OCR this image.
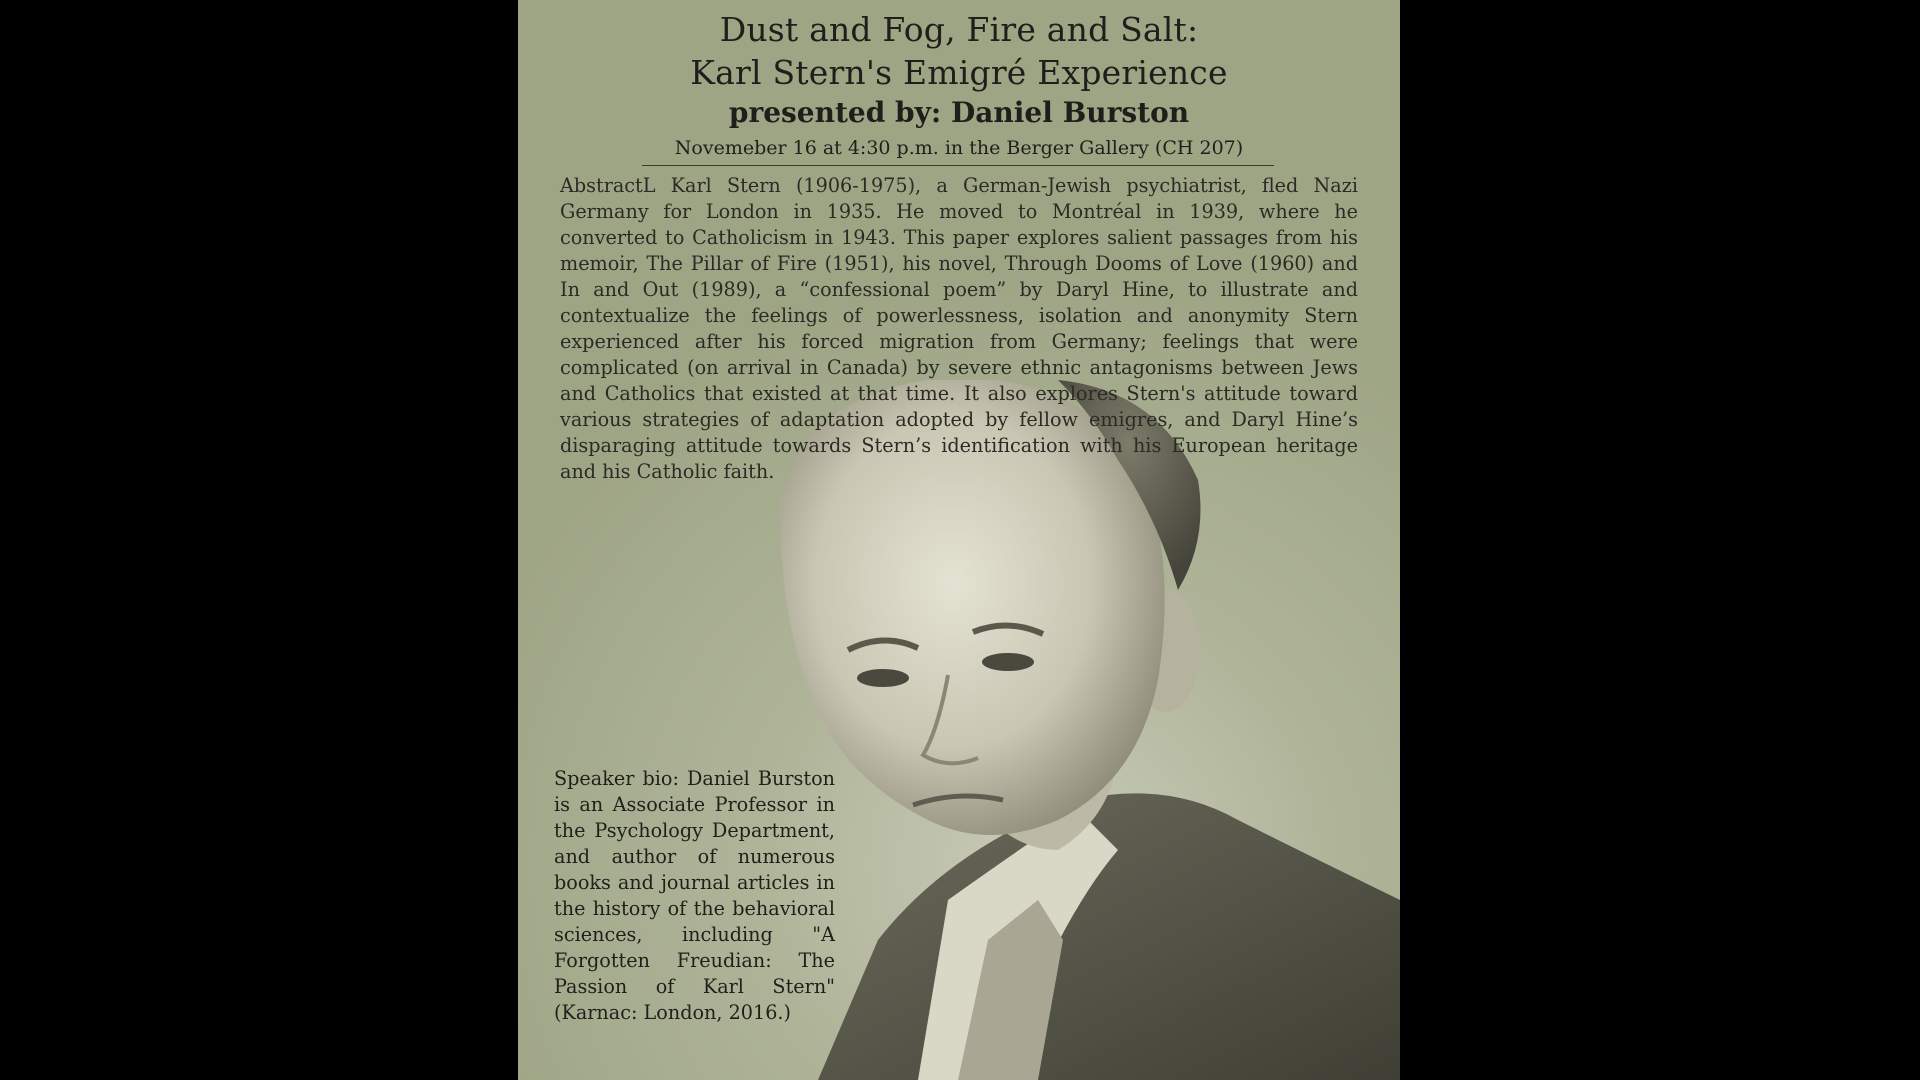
Dust and Fog, Fire and Salt:
Karl Stern's Emigré Experience
presented by: Daniel Burston
Novemeber 16 at 4:30 p.m. in the Berger Gallery (CH 207)
AbstractL Karl Stern (1906-1975), a German-Jewish psychiatrist, fled Nazi Germany for London in 1935. He moved to Montréal in 1939, where he converted to Catholicism in 1943. This paper explores salient passages from his memoir, The Pillar of Fire (1951), his novel, Through Dooms of Love (1960) and In and Out (1989), a “confessional poem” by Daryl Hine, to illustrate and contextualize the feelings of powerlessness, isolation and anonymity Stern experienced after his forced migration from Germany; feelings that were complicated (on arrival in Canada) by severe ethnic antagonisms between Jews and Catholics that existed at that time. It also explores Stern's attitude toward various strategies of adaptation adopted by fellow emigres, and Daryl Hine’s disparaging attitude towards Stern’s identification with his European heritage and his Catholic faith.
Speaker bio: Daniel Burston is an Associate Professor in the Psychology Department, and author of numerous books and journal articles in the history of the behavioral sciences, including "A Forgotten Freudian: The Passion of Karl Stern" (Karnac: London, 2016.)
